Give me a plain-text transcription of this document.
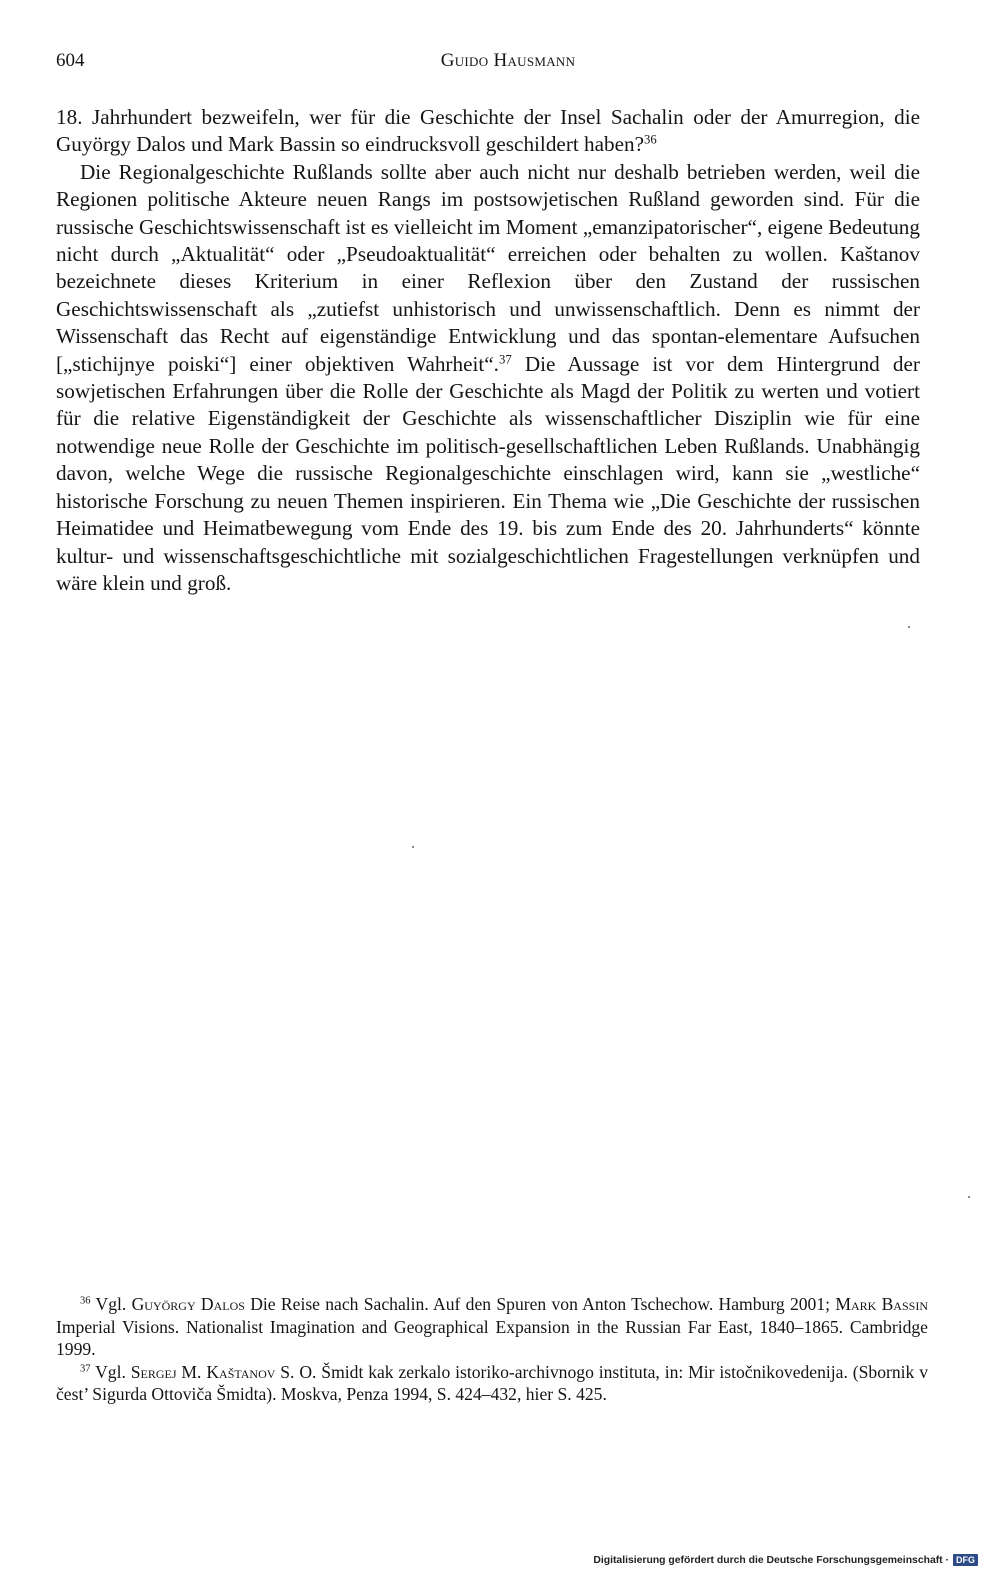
604	Guido Hausmann

18. Jahrhundert bezweifeln, wer für die Geschichte der Insel Sachalin oder der Amurregion, die Guyörgy Dalos und Mark Bassin so eindrucksvoll geschildert haben?$^{36}$

Die Regionalgeschichte Rußlands sollte aber auch nicht nur deshalb betrieben werden, weil die Regionen politische Akteure neuen Rangs im postsowjetischen Rußland geworden sind. Für die russische Geschichtswissenschaft ist es vielleicht im Moment „emanzipatorischer“, eigene Bedeutung nicht durch „Aktualität“ oder „Pseudoaktualität“ erreichen oder behalten zu wollen. Kaštanov bezeichnete dieses Kriterium in einer Reflexion über den Zustand der russischen Geschichtswissenschaft als „zutiefst unhistorisch und unwissenschaftlich. Denn es nimmt der Wissenschaft das Recht auf eigenständige Entwicklung und das spontan-elementare Aufsuchen [„stichijnye poiski“] einer objektiven Wahrheit“.$^{37}$ Die Aussage ist vor dem Hintergrund der sowjetischen Erfahrungen über die Rolle der Geschichte als Magd der Politik zu werten und votiert für die relative Eigenständigkeit der Geschichte als wissenschaftlicher Disziplin wie für eine notwendige neue Rolle der Geschichte im politisch-gesellschaftlichen Leben Rußlands. Unabhängig davon, welche Wege die russische Regionalgeschichte einschlagen wird, kann sie „westliche“ historische Forschung zu neuen Themen inspirieren. Ein Thema wie „Die Geschichte der russischen Heimatidee und Heimatbewegung vom Ende des 19. bis zum Ende des 20. Jahrhunderts“ könnte kultur- und wissenschaftsgeschichtliche mit sozialgeschichtlichen Fragestellungen verknüpfen und wäre klein und groß.

$^{36}$ Vgl. Guyörgy Dalos Die Reise nach Sachalin. Auf den Spuren von Anton Tschechow. Hamburg 2001; Mark Bassin Imperial Visions. Nationalist Imagination and Geographical Expansion in the Russian Far East, 1840–1865. Cambridge 1999.

$^{37}$ Vgl. Sergej M. Kaštanov S. O. Šmidt kak zerkalo istoriko-archivnogo instituta, in: Mir istočnikovedenija. (Sbornik v čest’ Sigurda Ottoviča Šmidta). Moskva, Penza 1994, S. 424–432, hier S. 425.

Digitalisierung gefördert durch die Deutsche Forschungsgemeinschaft · DFG
